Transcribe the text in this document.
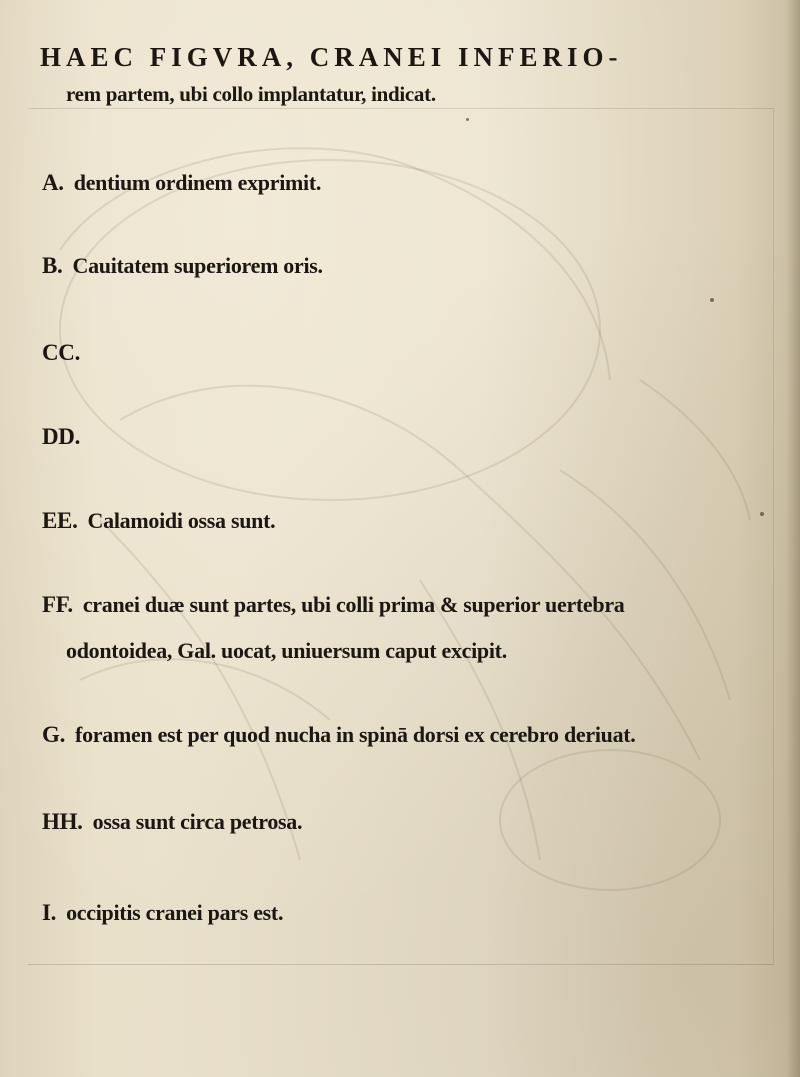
HAEC FIGVRA, CRANEI INFERIO-
rem partem, ubi collo implantatur, indicat.
A. dentium ordinem exprimit.
B. Cauitatem superiorem oris.
CC.
DD.
EE. Calamoidi ossa sunt.
FF. cranei duæ sunt partes, ubi colli prima & superior uertebra
odontoidea, Gal. uocat, uniuersum caput excipit.
G. foramen est per quod nucha in spinā dorsi ex cerebro deriuat.
HH. ossa sunt circa petrosa.
I. occipitis cranei pars est.
